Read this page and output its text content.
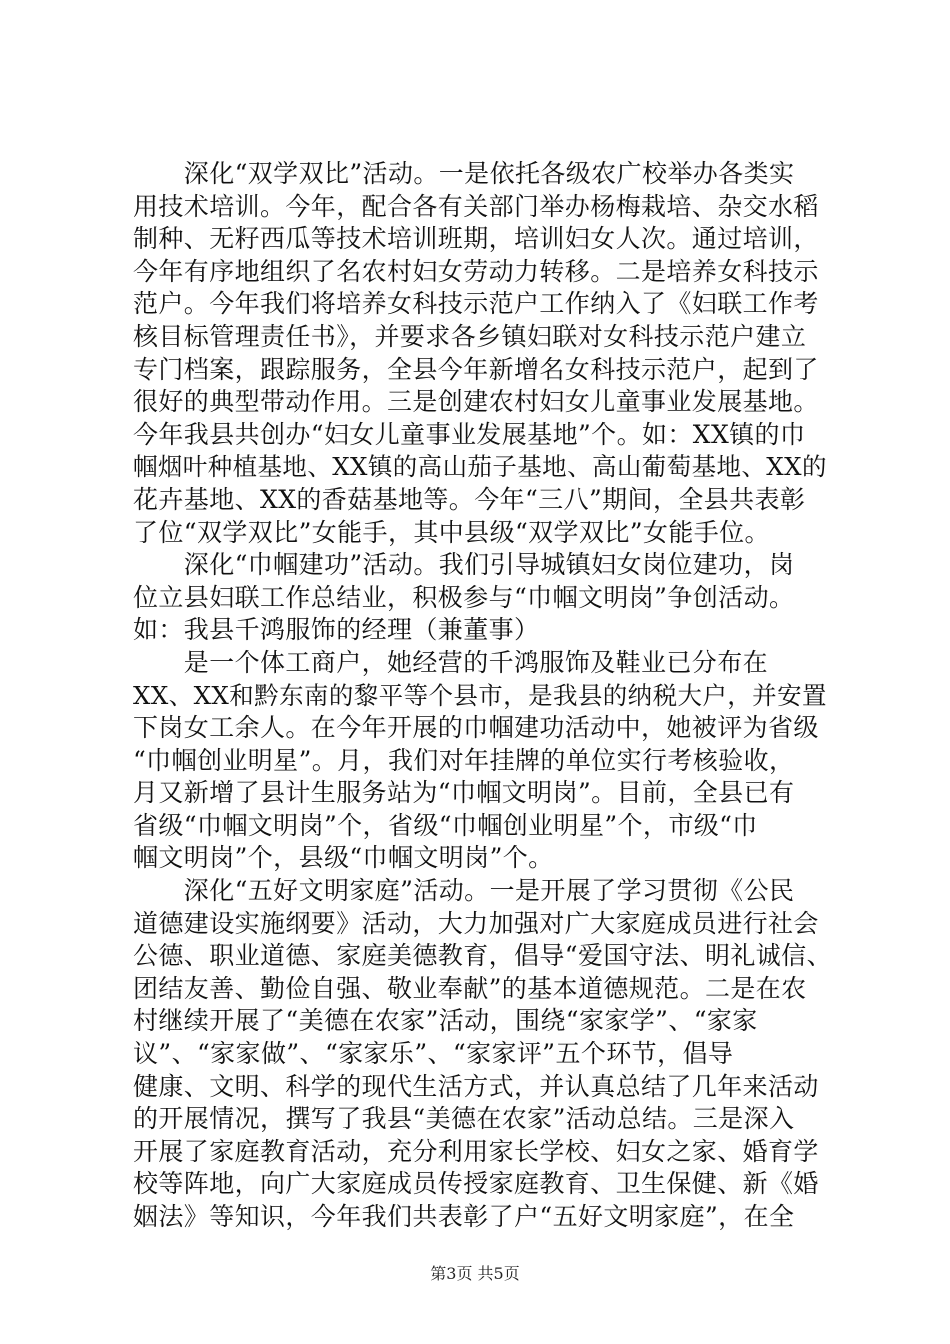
　　深化“双学双比”活动。一是依托各级农广校举办各类实
用技术培训。今年，配合各有关部门举办杨梅栽培、杂交水稻
制种、无籽西瓜等技术培训班期，培训妇女人次。通过培训，
今年有序地组织了名农村妇女劳动力转移。二是培养女科技示
范户。今年我们将培养女科技示范户工作纳入了《妇联工作考
核目标管理责任书》，并要求各乡镇妇联对女科技示范户建立
专门档案，跟踪服务，全县今年新增名女科技示范户，起到了
很好的典型带动作用。三是创建农村妇女儿童事业发展基地。
今年我县共创办“妇女儿童事业发展基地”个。如：XX镇的巾
帼烟叶种植基地、XX镇的高山茄子基地、高山葡萄基地、XX的
花卉基地、XX的香菇基地等。今年“三八”期间，全县共表彰
了位“双学双比”女能手，其中县级“双学双比”女能手位。
　　深化“巾帼建功”活动。我们引导城镇妇女岗位建功，岗
位立县妇联工作总结业，积极参与“巾帼文明岗”争创活动。
如：我县千鸿服饰的经理（兼董事）
　　是一个体工商户，她经营的千鸿服饰及鞋业已分布在
XX、XX和黔东南的黎平等个县市，是我县的纳税大户，并安置
下岗女工余人。在今年开展的巾帼建功活动中，她被评为省级
“巾帼创业明星”。月，我们对年挂牌的单位实行考核验收，
月又新增了县计生服务站为“巾帼文明岗”。目前，全县已有
省级“巾帼文明岗”个，省级“巾帼创业明星”个，市级“巾
帼文明岗”个，县级“巾帼文明岗”个。
　　深化“五好文明家庭”活动。一是开展了学习贯彻《公民
道德建设实施纲要》活动，大力加强对广大家庭成员进行社会
公德、职业道德、家庭美德教育，倡导“爱国守法、明礼诚信、
团结友善、勤俭自强、敬业奉献”的基本道德规范。二是在农
村继续开展了“美德在农家”活动，围绕“家家学”、“家家
议”、“家家做”、“家家乐”、“家家评”五个环节，倡导
健康、文明、科学的现代生活方式，并认真总结了几年来活动
的开展情况，撰写了我县“美德在农家”活动总结。三是深入
开展了家庭教育活动，充分利用家长学校、妇女之家、婚育学
校等阵地，向广大家庭成员传授家庭教育、卫生保健、新《婚
姻法》等知识，今年我们共表彰了户“五好文明家庭”，在全
第3页 共5页
